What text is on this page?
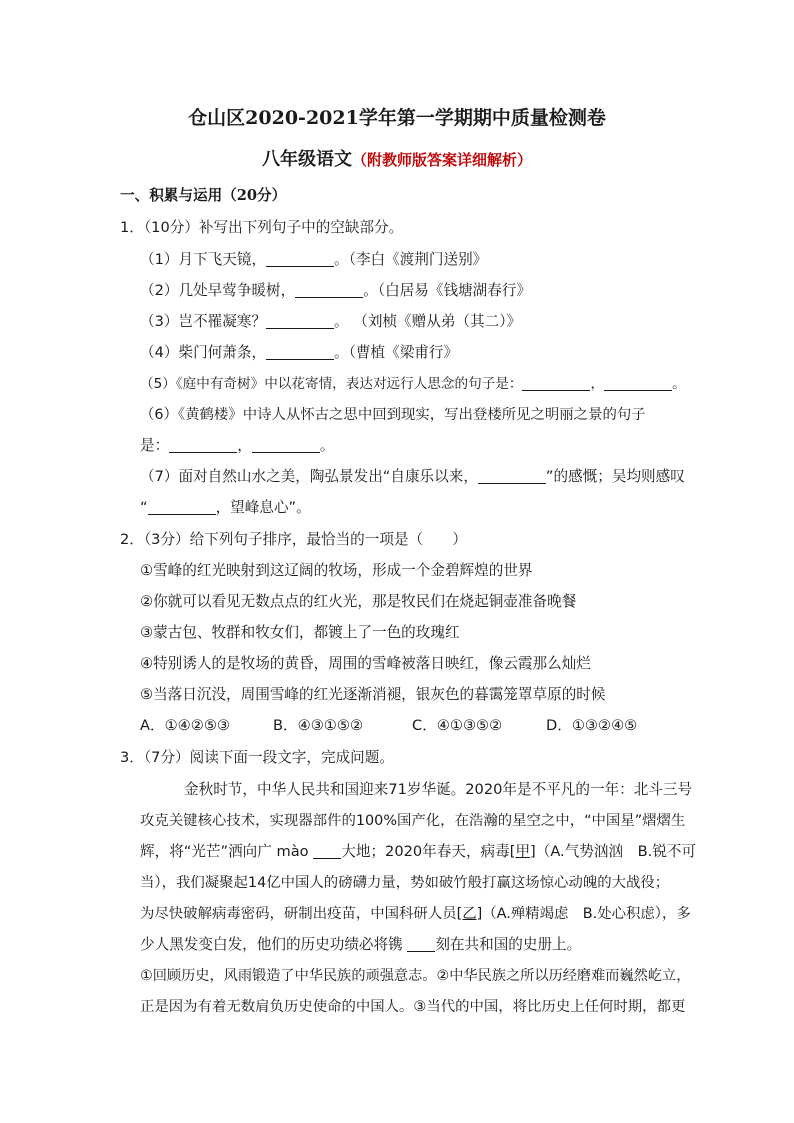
仓山区2020-2021学年第一学期期中质量检测卷
八年级语文（附教师版答案详细解析）
一、积累与运用（20分）
1．（10分）补写出下列句子中的空缺部分。
（1）月下飞天镜，	。（李白《渡荆门送别》
（2）几处早莺争暖树，	。（白居易《钱塘湖春行》
（3）岂不罹凝寒？	。 （刘桢《赠从弟（其二）》
（4）柴门何萧条，	。（曹植《梁甫行》
（5）《庭中有奇树》中以花寄情，表达对远行人思念的句子是：	，	。
（6）《黄鹤楼》中诗人从怀古之思中回到现实，写出登楼所见之明丽之景的句子
是：	，	。
（7）面对自然山水之美，陶弘景发出“自康乐以来，	”的感慨；吴均则感叹
“	，望峰息心”。
2．（3分）给下列句子排序，最恰当的一项是（　　）
①雪峰的红光映射到这辽阔的牧场，形成一个金碧辉煌的世界
②你就可以看见无数点点的红火光，那是牧民们在烧起铜壶准备晚餐
③蒙古包、牧群和牧女们，都镀上了一色的玫瑰红
④特别诱人的是牧场的黄昏，周围的雪峰被落日映红，像云霞那么灿烂
⑤当落日沉没，周围雪峰的红光逐渐消褪，银灰色的暮霭笼罩草原的时候
A．①④②⑤③	B．④③①⑤②	C．④①③⑤②	D．①③②④⑤
3．（7分）阅读下面一段文字，完成问题。
金秋时节，中华人民共和国迎来71岁华诞。2020年是不平凡的一年：北斗三号
攻克关键核心技术，实现器部件的100%国产化，在浩瀚的星空之中，“中国星”熠熠生
辉，将“光芒”洒向广 mào 大地；2020年春天，病毒[甲]（A.气势汹汹　B.锐不可
当），我们凝聚起14亿中国人的磅礴力量，势如破竹般打赢这场惊心动魄的大战役；
为尽快破解病毒密码，研制出疫苗，中国科研人员[乙]（A.殚精竭虑　B.处心积虑），多
少人黑发变白发，他们的历史功绩必将镌 刻在共和国的史册上。
①回顾历史，风雨锻造了中华民族的顽强意志。②中华民族之所以历经磨难而巍然屹立，
正是因为有着无数肩负历史使命的中国人。③当代的中国，将比历史上任何时期，都更
